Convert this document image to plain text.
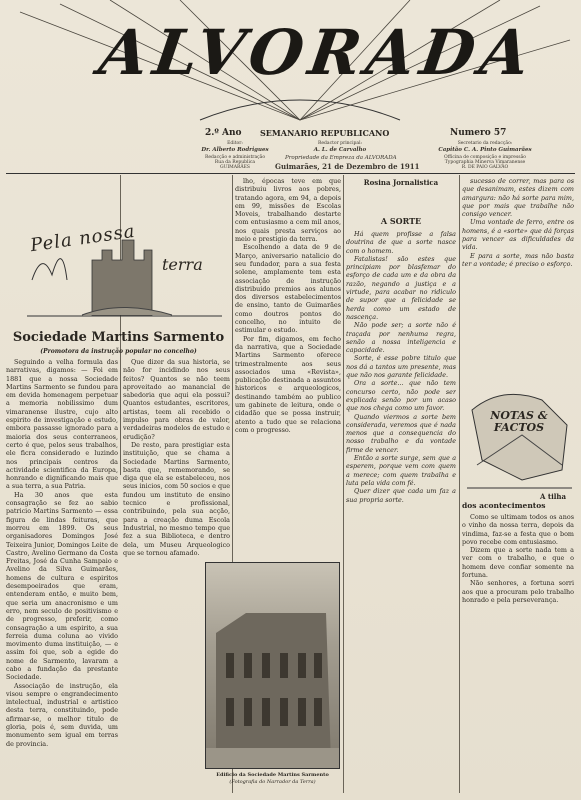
ALVORADA
2.º Ano SEMANARIO REPUBLICANO	Numero 57
Editor:
Dr. Alberto Rodrigues
Redacção e administração
Rua da Republica
GUIMARÃES
Redactor principal:
A. L. de Carvalho
Propriedade da Empreza da ALVORADA
Guimarães, 21 de Dezembro de 1911
Secretario da redacção:
Capitão C. A. Pinto Guimarães
Officina de composição e impressão
Typographia Minerva Vimaranense
R. DE PAIO GALVÃO
Pela nossa
terra
Sociedade Martins Sarmento
(Promotora da instrução popular no concelho)

Seguindo a velha formula das narrativas, digamos: — Foi em 1881 que a nossa Sociedade Martins Sarmento se fundou para em devida homenagem perpetuar a memoria nobilissimo dum vimaranense ilustre, cujo alto espirito de investigação e estudo, embora passasse ignorado para a maioria dos seus conterraneos, certo é que, pelos seus trabalhos, ele ficra considerado e luzindo nos principais centros da actividade scientifica da Europa, honrando e dignificando mais que a sua terra, a sua Patria.

Ha 30 anos que esta consagração se fez ao sabio patricio Martins Sarmento — essa figura de lindas feituras, que morreu em 1899. Os seus organisadores Domingos José Teixeira Junior, Domingos Leite de Castro, Avelino Germano da Costa Freitas, José da Cunha Sampaio e Avelino da Silva Guimarães, homens de cultura e espiritos desempoeirados que eram, entenderam então, e muito bem, que seria um anacronismo e um erro, nem seculo de positivismo e de progresso, preferir, como consagração a um espirito, a sua ferreia duma coluna ao vivido movimento duma instituição, — e assim foi que, sob a egide do nome de Sarmento, lavaram a cabo a fundação da prestante Sociedade.

Associação de instrução, ela visou sempre o engrandecimento intelectual, industrial e artistico desta terra, constituindo, pode afirmar-se, o melhor titulo de gloria, pois é, sem duvida, um monumento sem igual em terras de provincia.

Que dizer da sua historia, se não for incidindo nos seus feitos? Quantos se não teem aproveitado ao manancial de sabedoria que aqui ela possui? Quantos estudantes, escritores, artistas, teem ali recebido o impulso para obras de valor, verdadeiras modelos de estudo e erudição?

De resto, para prestigiar esta instituição, que se chama a Sociedade Martins Sarmento, basta que, rememorando, se diga que ela se estabeleceu, nos seus inicios, com 50 socios e que fundou um instituto de ensino tecnico e profissional, contribuindo, pela sua acção, para a creação duma Escola Industrial, no mesmo tempo que fez a sua Biblioteca, e dentro dela, um Museu Arqueologico que se tornou afamado.

lho, épocas teve em que distribuiu livros aos pobres, tratando agora, em 94, a depois em 99, missões de Escolas Moveis, trabalhando destarte com entusiasmo a cem mil anos, nos quais presta serviços ao meio e prestigio da terra.

Escolhendo a data de 9 de Março, aniversario natalicio do seu fundador, para a sua festa solene, amplamente tem esta associação de instrução distribuido premios aos alunos dos diversos estabelecimentos de ensino, tanto de Guimarães como doutros pontos do concelho, no intuito de estimular o estudo.

Por fim, digamos, em fecho da narrativa, que a Sociedade Martins Sarmento oferece trimestralmente aos seus associados uma «Revista», publicação destinada a assuntos historicos e arqueologicos, destinando também ao publico um gabinete de leitura, onde o cidadão que se possa instruir, atento a tudo que se relaciona com o progresso.

Edificio da Sociedade Martins Sarmento
(Fotografia do Narrador da Terra)
Rosina Jornalistica
A SORTE

Há quem profisse a falsa doutrina de que a sorte nasce com o homem.

Fatalistas! são estes que principiam por blasfemar do esforço de cada um e da obra da razão, negando a justiça e a virtude, para acabar no ridiculo de supor que a felicidade se herda como um estado de nascença.

Não pode ser; a sorte não é traçada por nenhuma regra, senão a nossa inteligencia e capacidade.

Sorte, é esse pobre titulo que nos dá a tantos um presente, mas que não nos garante felicidade.

Ora a sorte... que não tem concurso certo, não pode ser explicada senão por um acaso que nos chega como um favor.

Quando viermos a sorte bem considerada, veremos que é nada menos que a consequencia do nosso trabalho e da vontade firme de vencer.

Então a sorte surge, sem que a esperem, porque vem com quem a merece; com quem trabalha e luta pela vida com fé.

Quer dizer que cada um faz a sua propria sorte.

sucesso de correr, mas para os que desanimam, estes dizem com amargura: não há sorte para mim, que por mais que trabalhe não consigo vencer.

Uma vontade de ferro, entre os homens, é a «sorte» que dá forças para vencer as dificuldades da vida.

E para a sorte, mas não basta ter a vontade; é preciso o esforço.

NOTAS & FACTOS
A tilha
dos acontecimentos

Como se ultimam todos os anos o vinho da nossa terra, depois da vindima, faz-se a festa que o bom povo recebe com entusiasmo.

Dizem que a sorte nada tem a ver com o trabalho, e que o homem deve confiar somente na fortuna.

Não senhores, a fortuna sorri aos que a procuram pelo trabalho honrado e pela perseverança.
